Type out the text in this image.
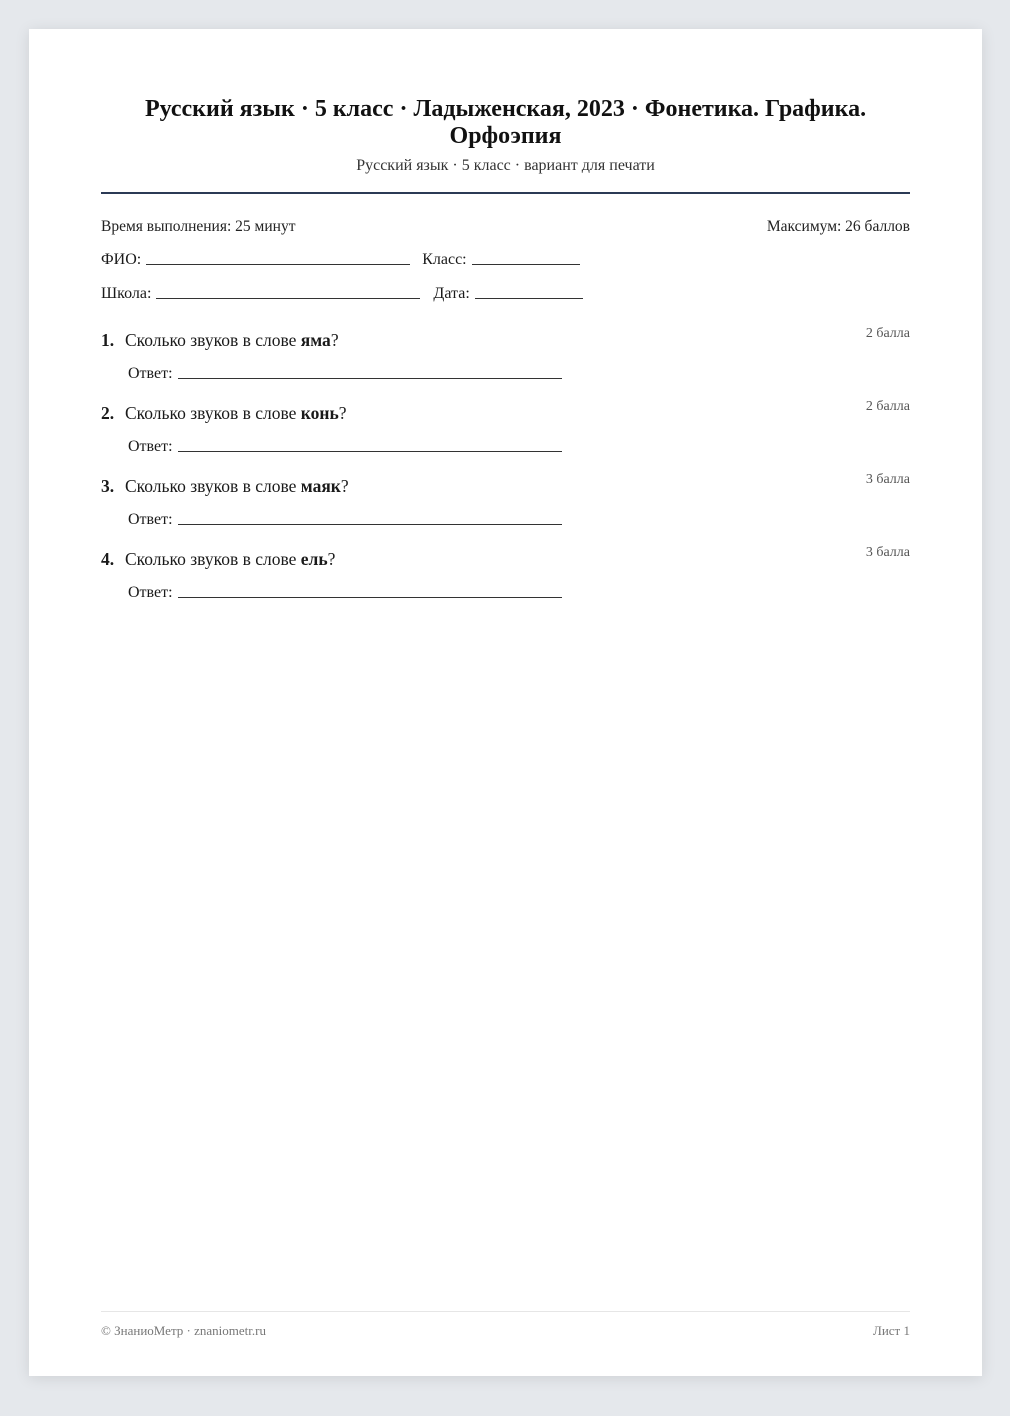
Русский язык · 5 класс · Ладыженская, 2023 · Фонетика. Графика. Орфоэпия
Русский язык · 5 класс · вариант для печати
Время выполнения: 25 минут	Максимум: 26 баллов
ФИО:	Класс:
Школа:	Дата:
1. Сколько звуков в слове яма?	2 балла
Ответ:
2. Сколько звуков в слове конь?	2 балла
Ответ:
3. Сколько звуков в слове маяк?	3 балла
Ответ:
4. Сколько звуков в слове ель?	3 балла
Ответ:
© ЗнаниоМетр · znaniometr.ru	Лист 1
